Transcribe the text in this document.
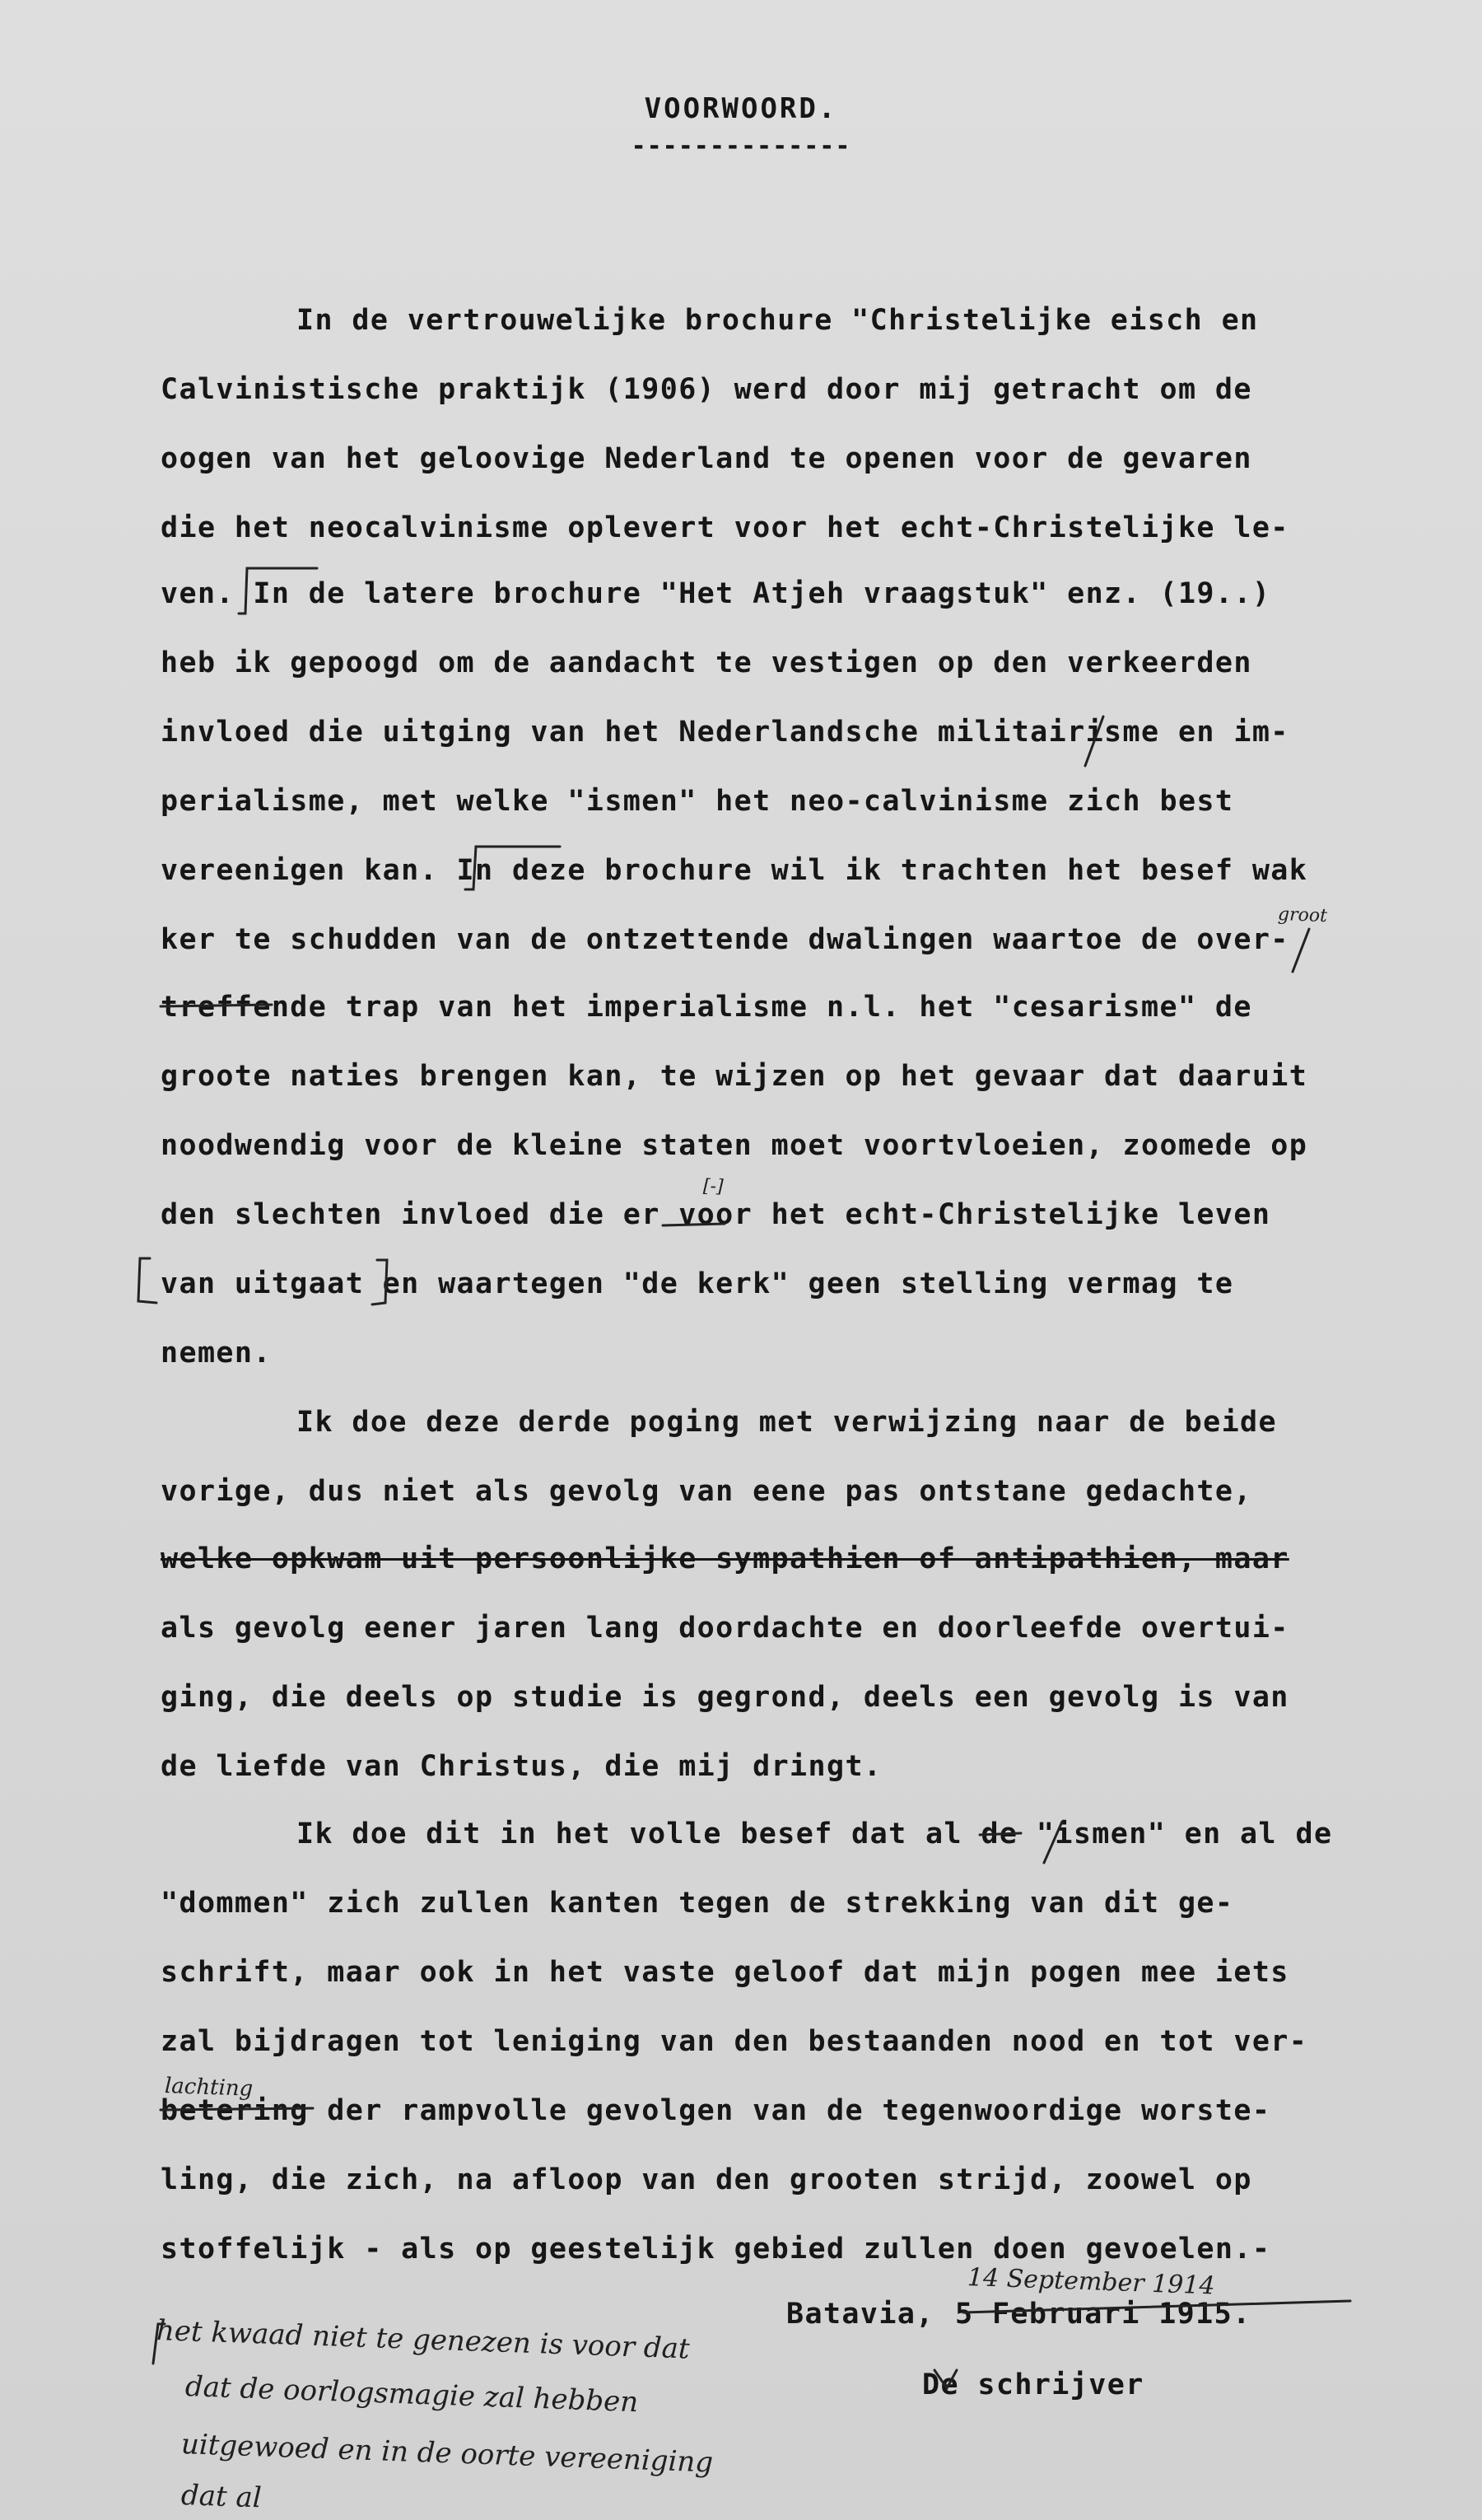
VOORWOORD.
--------------
In de vertrouwelijke brochure "Christelijke eisch en
Calvinistische praktijk (1906) werd door mij getracht om de
oogen van het geloovige Nederland te openen voor de gevaren
die het neocalvinisme oplevert voor het echt-Christelijke le-
ven. In de latere brochure "Het Atjeh vraagstuk" enz. (19..)
heb ik gepoogd om de aandacht te vestigen op den verkeerden
invloed die uitging van het Nederlandsche militairisme en im-
perialisme, met welke "ismen" het neo-calvinisme zich best
vereenigen kan. In deze brochure wil ik trachten het besef wak
ker te schudden van de ontzettende dwalingen waartoe de over-
treffende trap van het imperialisme n.l. het "cesarisme" de
groote naties brengen kan, te wijzen op het gevaar dat daaruit
noodwendig voor de kleine staten moet voortvloeien, zoomede op
den slechten invloed die er voor het echt-Christelijke leven
van uitgaat en waartegen "de kerk" geen stelling vermag te
nemen.
Ik doe deze derde poging met verwijzing naar de beide
vorige, dus niet als gevolg van eene pas ontstane gedachte,
welke opkwam uit persoonlijke sympathien of antipathien, maar
als gevolg eener jaren lang doordachte en doorleefde overtui-
ging, die deels op studie is gegrond, deels een gevolg is van
de liefde van Christus, die mij dringt.
Ik doe dit in het volle besef dat al de "ismen" en al de
"dommen" zich zullen kanten tegen de strekking van dit ge-
schrift, maar ook in het vaste geloof dat mijn pogen mee iets
zal bijdragen tot leniging van den bestaanden nood en tot ver-
betering der rampvolle gevolgen van de tegenwoordige worste-
ling, die zich, na afloop van den grooten strijd, zoowel op
stoffelijk - als op geestelijk gebied zullen doen gevoelen.-
Batavia, 5 Februari 1915.
De schrijver
14 September 1914
groot
[-]
lachting
het kwaad niet te genezen is voor dat
dat de oorlogsmagie zal hebben
uitgewoed en in de oorte vereeniging
dat al
